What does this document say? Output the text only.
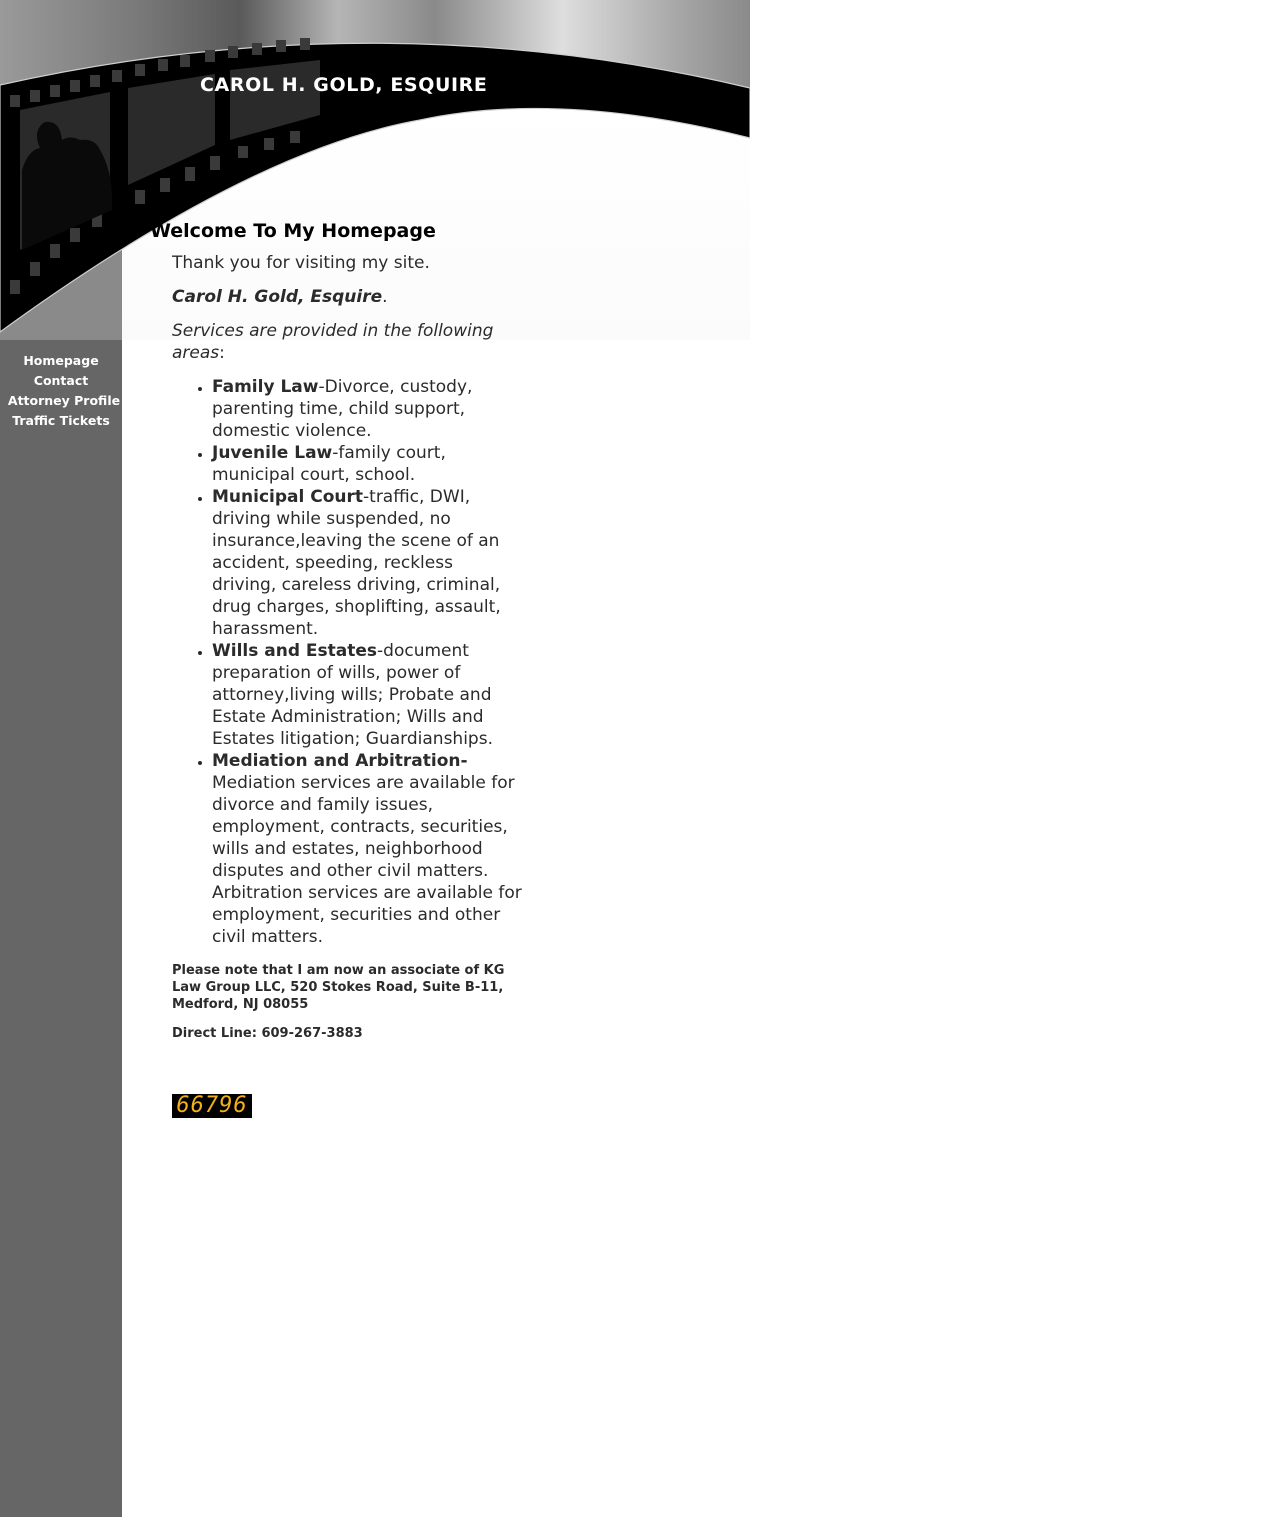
CAROL H. GOLD, ESQUIRE
Homepage
Contact
Attorney Profile
Traffic Tickets
Welcome To My Homepage

Thank you for visiting my site.

Carol H. Gold, Esquire.

Services are provided in the following areas:

• Family Law-Divorce, custody, parenting time, child support, domestic violence.
• Juvenile Law-family court, municipal court, school.
• Municipal Court-traffic, DWI, driving while suspended, no insurance,leaving the scene of an accident, speeding, reckless driving, careless driving, criminal, drug charges, shoplifting, assault, harassment.
• Wills and Estates-document preparation of wills, power of attorney,living wills; Probate and Estate Administration; Wills and Estates litigation; Guardianships.
• Mediation and Arbitration- Mediation services are available for divorce and family issues, employment, contracts, securities, wills and estates, neighborhood disputes and other civil matters. Arbitration services are available for employment, securities and other civil matters.

Please note that I am now an associate of KG Law Group LLC, 520 Stokes Road, Suite B-11, Medford, NJ 08055

Direct Line: 609-267-3883

66796
